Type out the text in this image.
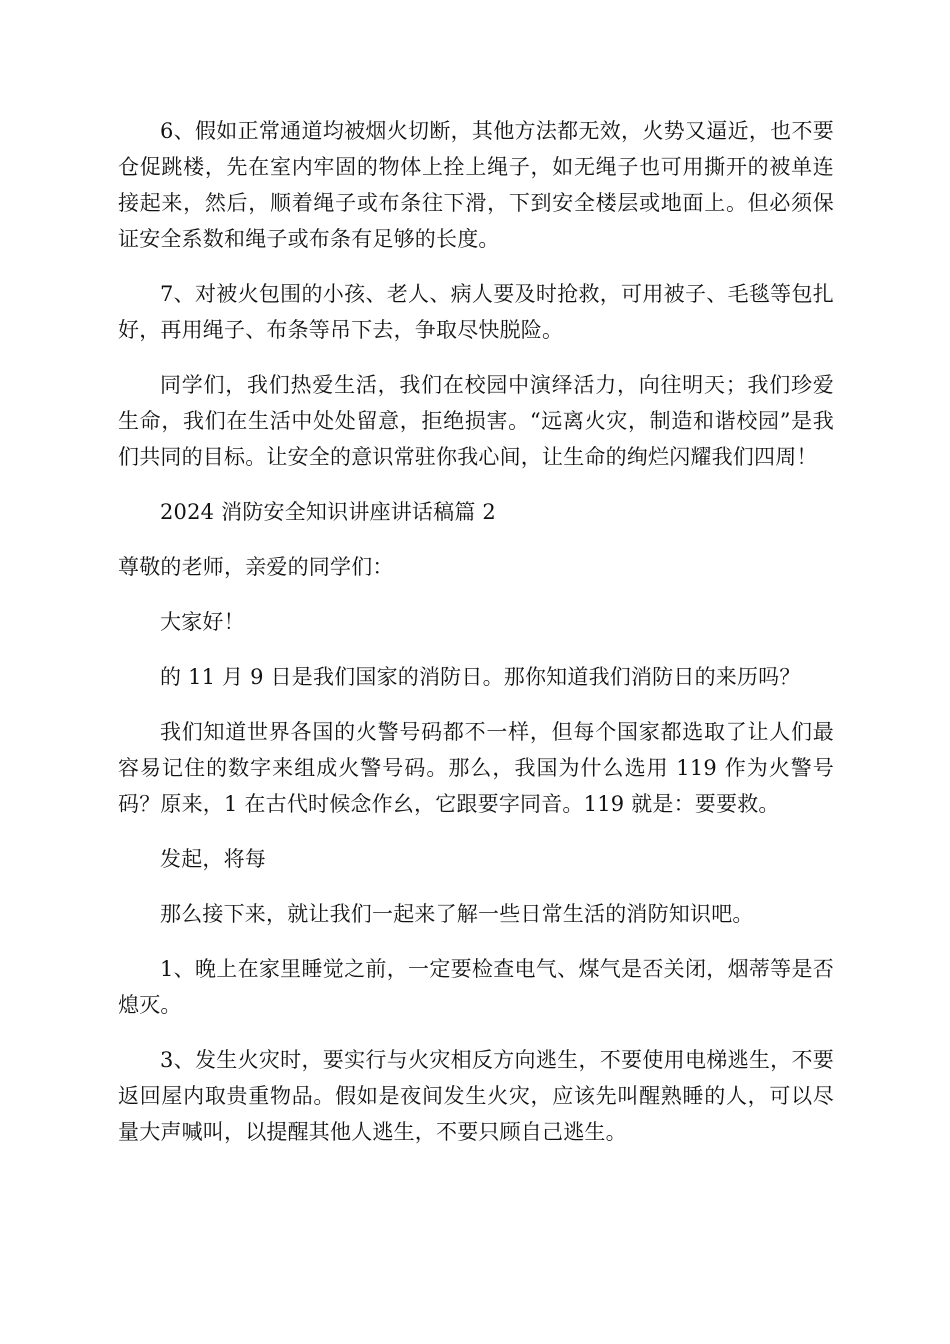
6、假如正常通道均被烟火切断，其他方法都无效，火势又逼近，也不要仓促跳楼，先在室内牢固的物体上拴上绳子，如无绳子也可用撕开的被单连接起来，然后，顺着绳子或布条往下滑，下到安全楼层或地面上。但必须保证安全系数和绳子或布条有足够的长度。

7、对被火包围的小孩、老人、病人要及时抢救，可用被子、毛毯等包扎好，再用绳子、布条等吊下去，争取尽快脱险。

同学们，我们热爱生活，我们在校园中演绎活力，向往明天；我们珍爱生命，我们在生活中处处留意，拒绝损害。“远离火灾，制造和谐校园”是我们共同的目标。让安全的意识常驻你我心间，让生命的绚烂闪耀我们四周！

2024 消防安全知识讲座讲话稿篇 2

尊敬的老师，亲爱的同学们：

大家好！

的 11 月 9 日是我们国家的消防日。那你知道我们消防日的来历吗？

我们知道世界各国的火警号码都不一样，但每个国家都选取了让人们最容易记住的数字来组成火警号码。那么，我国为什么选用 119 作为火警号码？原来，1 在古代时候念作幺，它跟要字同音。119 就是：要要救。

发起，将每

那么接下来，就让我们一起来了解一些日常生活的消防知识吧。

1、晚上在家里睡觉之前，一定要检查电气、煤气是否关闭，烟蒂等是否熄灭。

3、发生火灾时，要实行与火灾相反方向逃生，不要使用电梯逃生，不要返回屋内取贵重物品。假如是夜间发生火灾，应该先叫醒熟睡的人，可以尽量大声喊叫，以提醒其他人逃生，不要只顾自己逃生。
